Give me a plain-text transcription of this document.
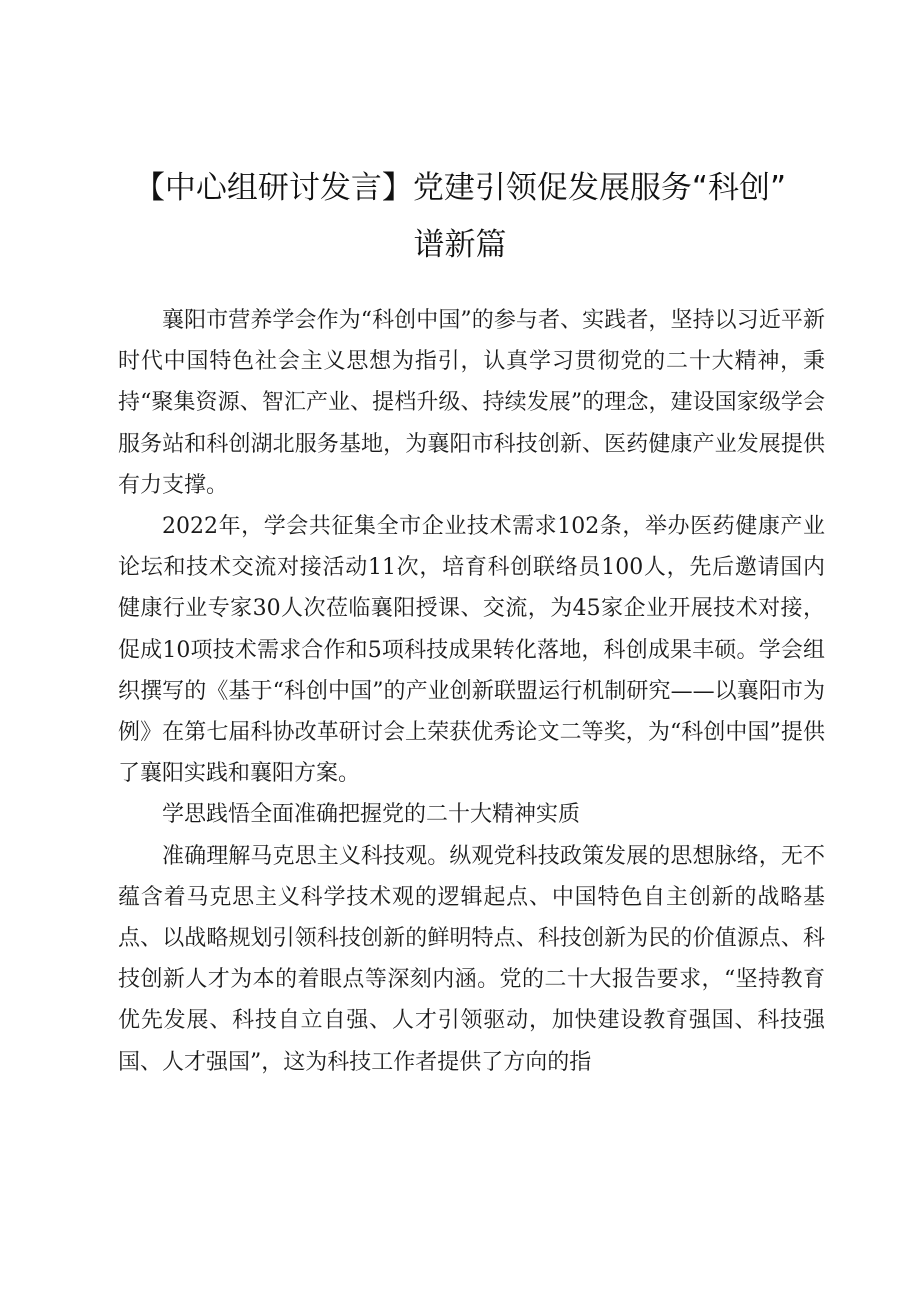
【中心组研讨发言】党建引领促发展服务“科创”
谱新篇

襄阳市营养学会作为“科创中国”的参与者、实践者，坚持以习近平新时代中国特色社会主义思想为指引，认真学习贯彻党的二十大精神，秉持“聚集资源、智汇产业、提档升级、持续发展”的理念，建设国家级学会服务站和科创湖北服务基地，为襄阳市科技创新、医药健康产业发展提供有力支撑。

2022年，学会共征集全市企业技术需求102条，举办医药健康产业论坛和技术交流对接活动11次，培育科创联络员100人，先后邀请国内健康行业专家30人次莅临襄阳授课、交流，为45家企业开展技术对接，促成10项技术需求合作和5项科技成果转化落地，科创成果丰硕。学会组织撰写的《基于“科创中国”的产业创新联盟运行机制研究——以襄阳市为例》在第七届科协改革研讨会上荣获优秀论文二等奖，为“科创中国”提供了襄阳实践和襄阳方案。

学思践悟全面准确把握党的二十大精神实质

准确理解马克思主义科技观。纵观党科技政策发展的思想脉络，无不蕴含着马克思主义科学技术观的逻辑起点、中国特色自主创新的战略基点、以战略规划引领科技创新的鲜明特点、科技创新为民的价值源点、科技创新人才为本的着眼点等深刻内涵。党的二十大报告要求，“坚持教育优先发展、科技自立自强、人才引领驱动，加快建设教育强国、科技强国、人才强国”，这为科技工作者提供了方向的指
